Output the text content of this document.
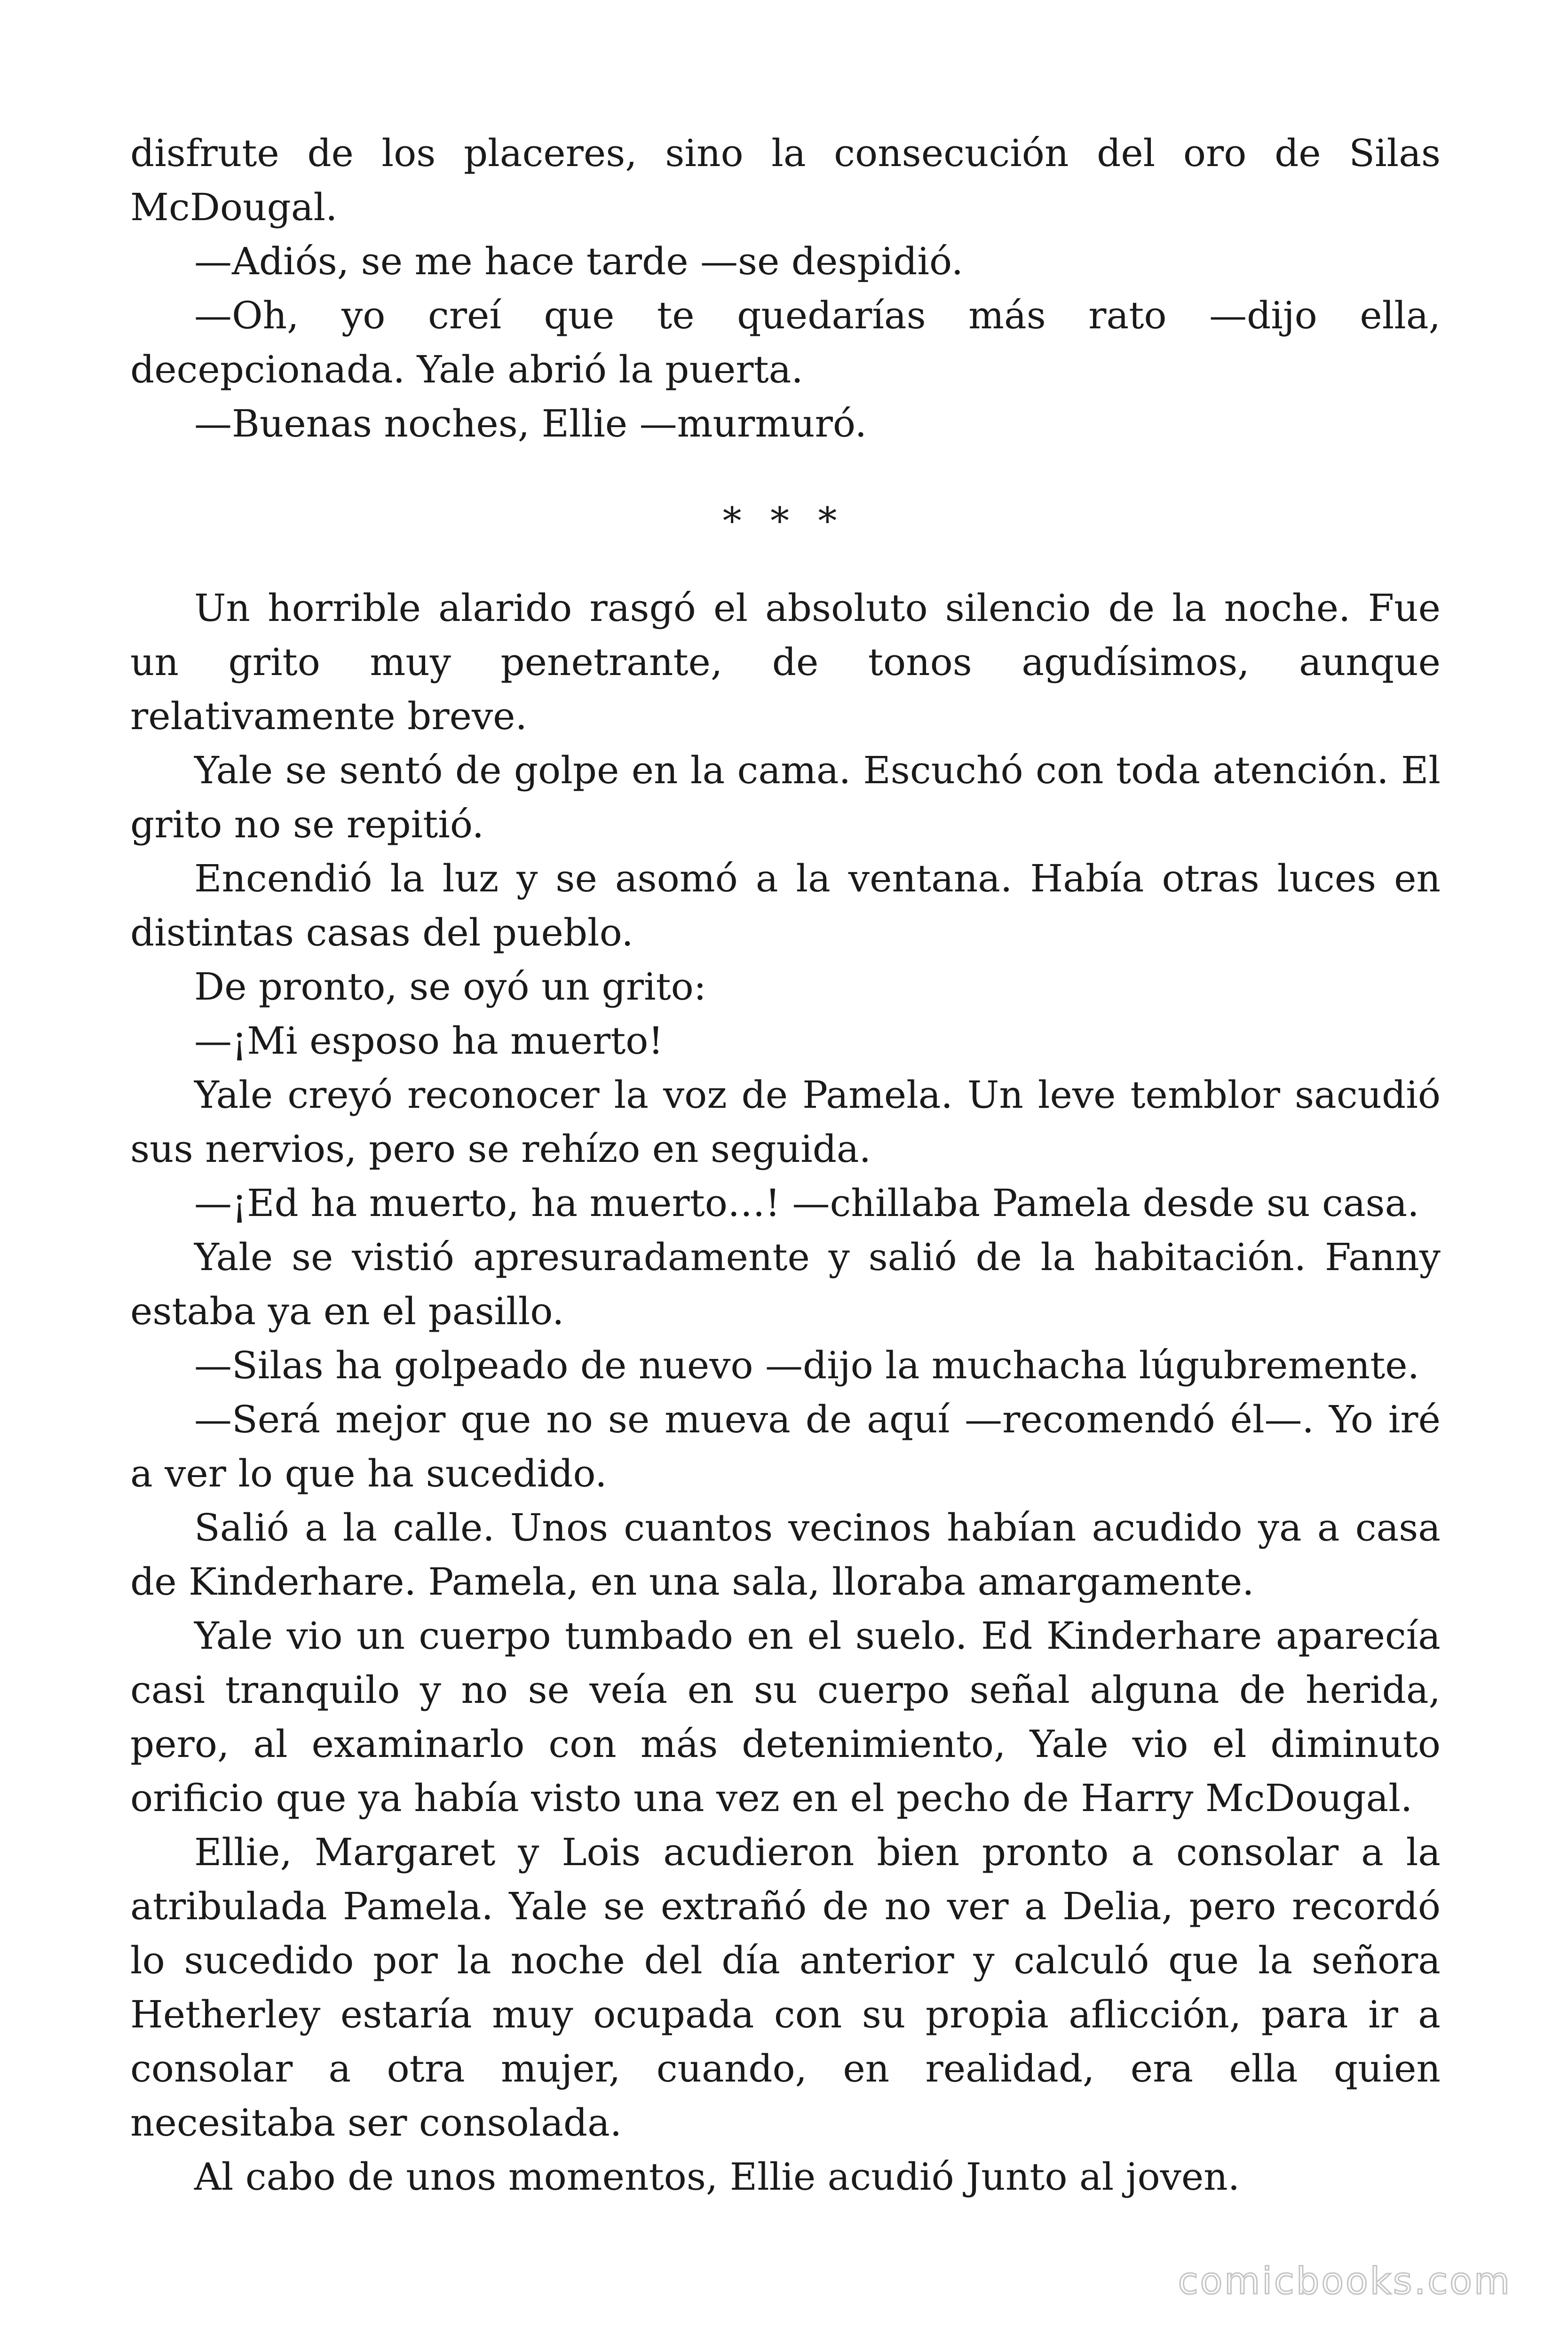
disfrute de los placeres, sino la consecución del oro de Silas McDougal.

—Adiós, se me hace tarde —se despidió.

—Oh, yo creí que te quedarías más rato —dijo ella, decepcionada. Yale abrió la puerta.

—Buenas noches, Ellie —murmuró.

* * *

Un horrible alarido rasgó el absoluto silencio de la noche. Fue un grito muy penetrante, de tonos agudísimos, aunque relativamente breve.

Yale se sentó de golpe en la cama. Escuchó con toda atención. El grito no se repitió.

Encendió la luz y se asomó a la ventana. Había otras luces en distintas casas del pueblo.

De pronto, se oyó un grito:

—¡Mi esposo ha muerto!

Yale creyó reconocer la voz de Pamela. Un leve temblor sacudió sus nervios, pero se rehízo en seguida.

—¡Ed ha muerto, ha muerto…! —chillaba Pamela desde su casa.

Yale se vistió apresuradamente y salió de la habitación. Fanny estaba ya en el pasillo.

—Silas ha golpeado de nuevo —dijo la muchacha lúgubremente.

—Será mejor que no se mueva de aquí —recomendó él—. Yo iré a ver lo que ha sucedido.

Salió a la calle. Unos cuantos vecinos habían acudido ya a casa de Kinderhare. Pamela, en una sala, lloraba amargamente.

Yale vio un cuerpo tumbado en el suelo. Ed Kinderhare aparecía casi tranquilo y no se veía en su cuerpo señal alguna de herida, pero, al examinarlo con más detenimiento, Yale vio el diminuto orificio que ya había visto una vez en el pecho de Harry McDougal.

Ellie, Margaret y Lois acudieron bien pronto a consolar a la atribulada Pamela. Yale se extrañó de no ver a Delia, pero recordó lo sucedido por la noche del día anterior y calculó que la señora Hetherley estaría muy ocupada con su propia aflicción, para ir a consolar a otra mujer, cuando, en realidad, era ella quien necesitaba ser consolada.

Al cabo de unos momentos, Ellie acudió Junto al joven.

comicbooks.com
